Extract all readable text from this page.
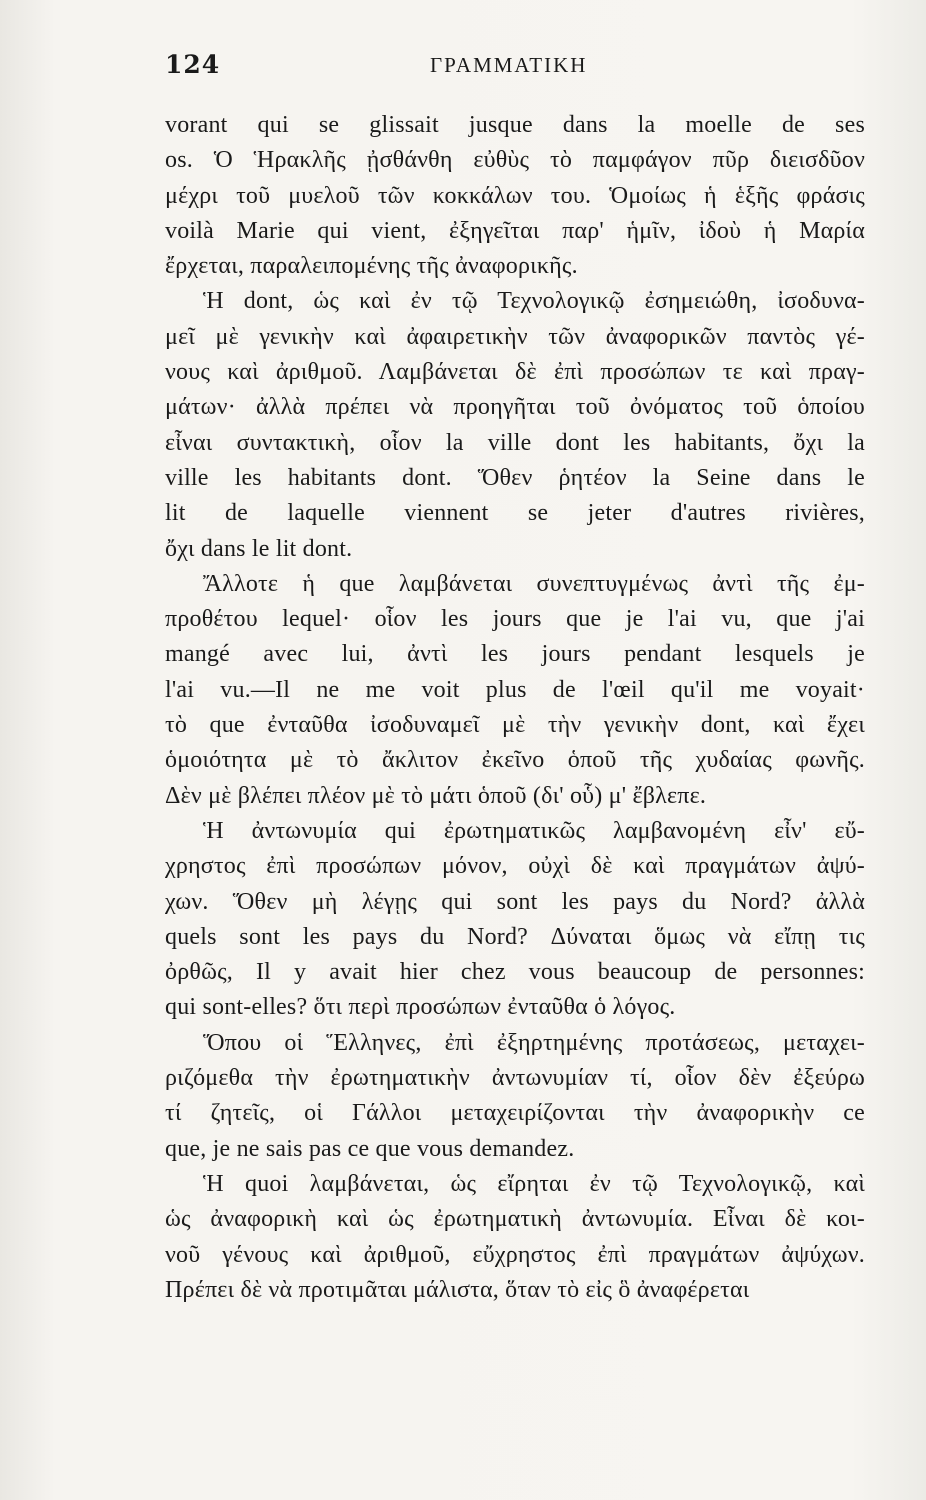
124	ΓΡΑΜΜΑΤΙΚΗ
vorant qui se glissait jusque dans la moelle de ses
os. Ὁ Ἡρακλῆς ᾐσθάνθη εὐθὺς τὸ παμφάγον πῦρ διεισδῦον
μέχρι τοῦ μυελοῦ τῶν κοκκάλων του. Ὁμοίως ἡ ἑξῆς φράσις
voilà Marie qui vient, ἐξηγεῖται παρ' ἡμῖν, ἰδοὺ ἡ Μαρία
ἔρχεται, παραλειπομένης τῆς ἀναφορικῆς.
Ἡ dont, ὡς καὶ ἐν τῷ Τεχνολογικῷ ἐσημειώθη, ἰσοδυνα-
μεῖ μὲ γενικὴν καὶ ἀφαιρετικὴν τῶν ἀναφορικῶν παντὸς γέ-
νους καὶ ἀριθμοῦ. Λαμβάνεται δὲ ἐπὶ προσώπων τε καὶ πραγ-
μάτων· ἀλλὰ πρέπει νὰ προηγῆται τοῦ ὀνόματος τοῦ ὁποίου
εἶναι συντακτικὴ, οἷον la ville dont les habitants, ὄχι la
ville les habitants dont. Ὅθεν ῥητέον la Seine dans le
lit de laquelle viennent se jeter d'autres rivières,
ὄχι dans le lit dont.
Ἄλλοτε ἡ que λαμβάνεται συνεπτυγμένως ἀντὶ τῆς ἐμ-
προθέτου lequel· οἷον les jours que je l'ai vu, que j'ai
mangé avec lui, ἀντὶ les jours pendant lesquels je
l'ai vu.—Il ne me voit plus de l'œil qu'il me voyait·
τὸ que ἐνταῦθα ἰσοδυναμεῖ μὲ τὴν γενικὴν dont, καὶ ἔχει
ὁμοιότητα μὲ τὸ ἄκλιτον ἐκεῖνο ὁποῦ τῆς χυδαίας φωνῆς.
Δὲν μὲ βλέπει πλέον μὲ τὸ μάτι ὁποῦ (δι' οὗ) μ' ἔβλεπε.
Ἡ ἀντωνυμία qui ἐρωτηματικῶς λαμβανομένη εἶν' εὔ-
χρηστος ἐπὶ προσώπων μόνον, οὐχὶ δὲ καὶ πραγμάτων ἀψύ-
χων. Ὅθεν μὴ λέγῃς qui sont les pays du Nord? ἀλλὰ
quels sont les pays du Nord? Δύναται ὅμως νὰ εἴπῃ τις
ὀρθῶς, Il y avait hier chez vous beaucoup de personnes:
qui sont-elles? ὅτι περὶ προσώπων ἐνταῦθα ὁ λόγος.
Ὅπου οἱ Ἕλληνες, ἐπὶ ἐξηρτημένης προτάσεως, μεταχει-
ριζόμεθα τὴν ἐρωτηματικὴν ἀντωνυμίαν τί, οἷον δὲν ἐξεύρω
τί ζητεῖς, οἱ Γάλλοι μεταχειρίζονται τὴν ἀναφορικὴν ce
que, je ne sais pas ce que vous demandez.
Ἡ quoi λαμβάνεται, ὡς εἴρηται ἐν τῷ Τεχνολογικῷ, καὶ
ὡς ἀναφορικὴ καὶ ὡς ἐρωτηματικὴ ἀντωνυμία. Εἶναι δὲ κοι-
νοῦ γένους καὶ ἀριθμοῦ, εὔχρηστος ἐπὶ πραγμάτων ἀψύχων.
Πρέπει δὲ νὰ προτιμᾶται μάλιστα, ὅταν τὸ εἰς ὃ ἀναφέρεται
